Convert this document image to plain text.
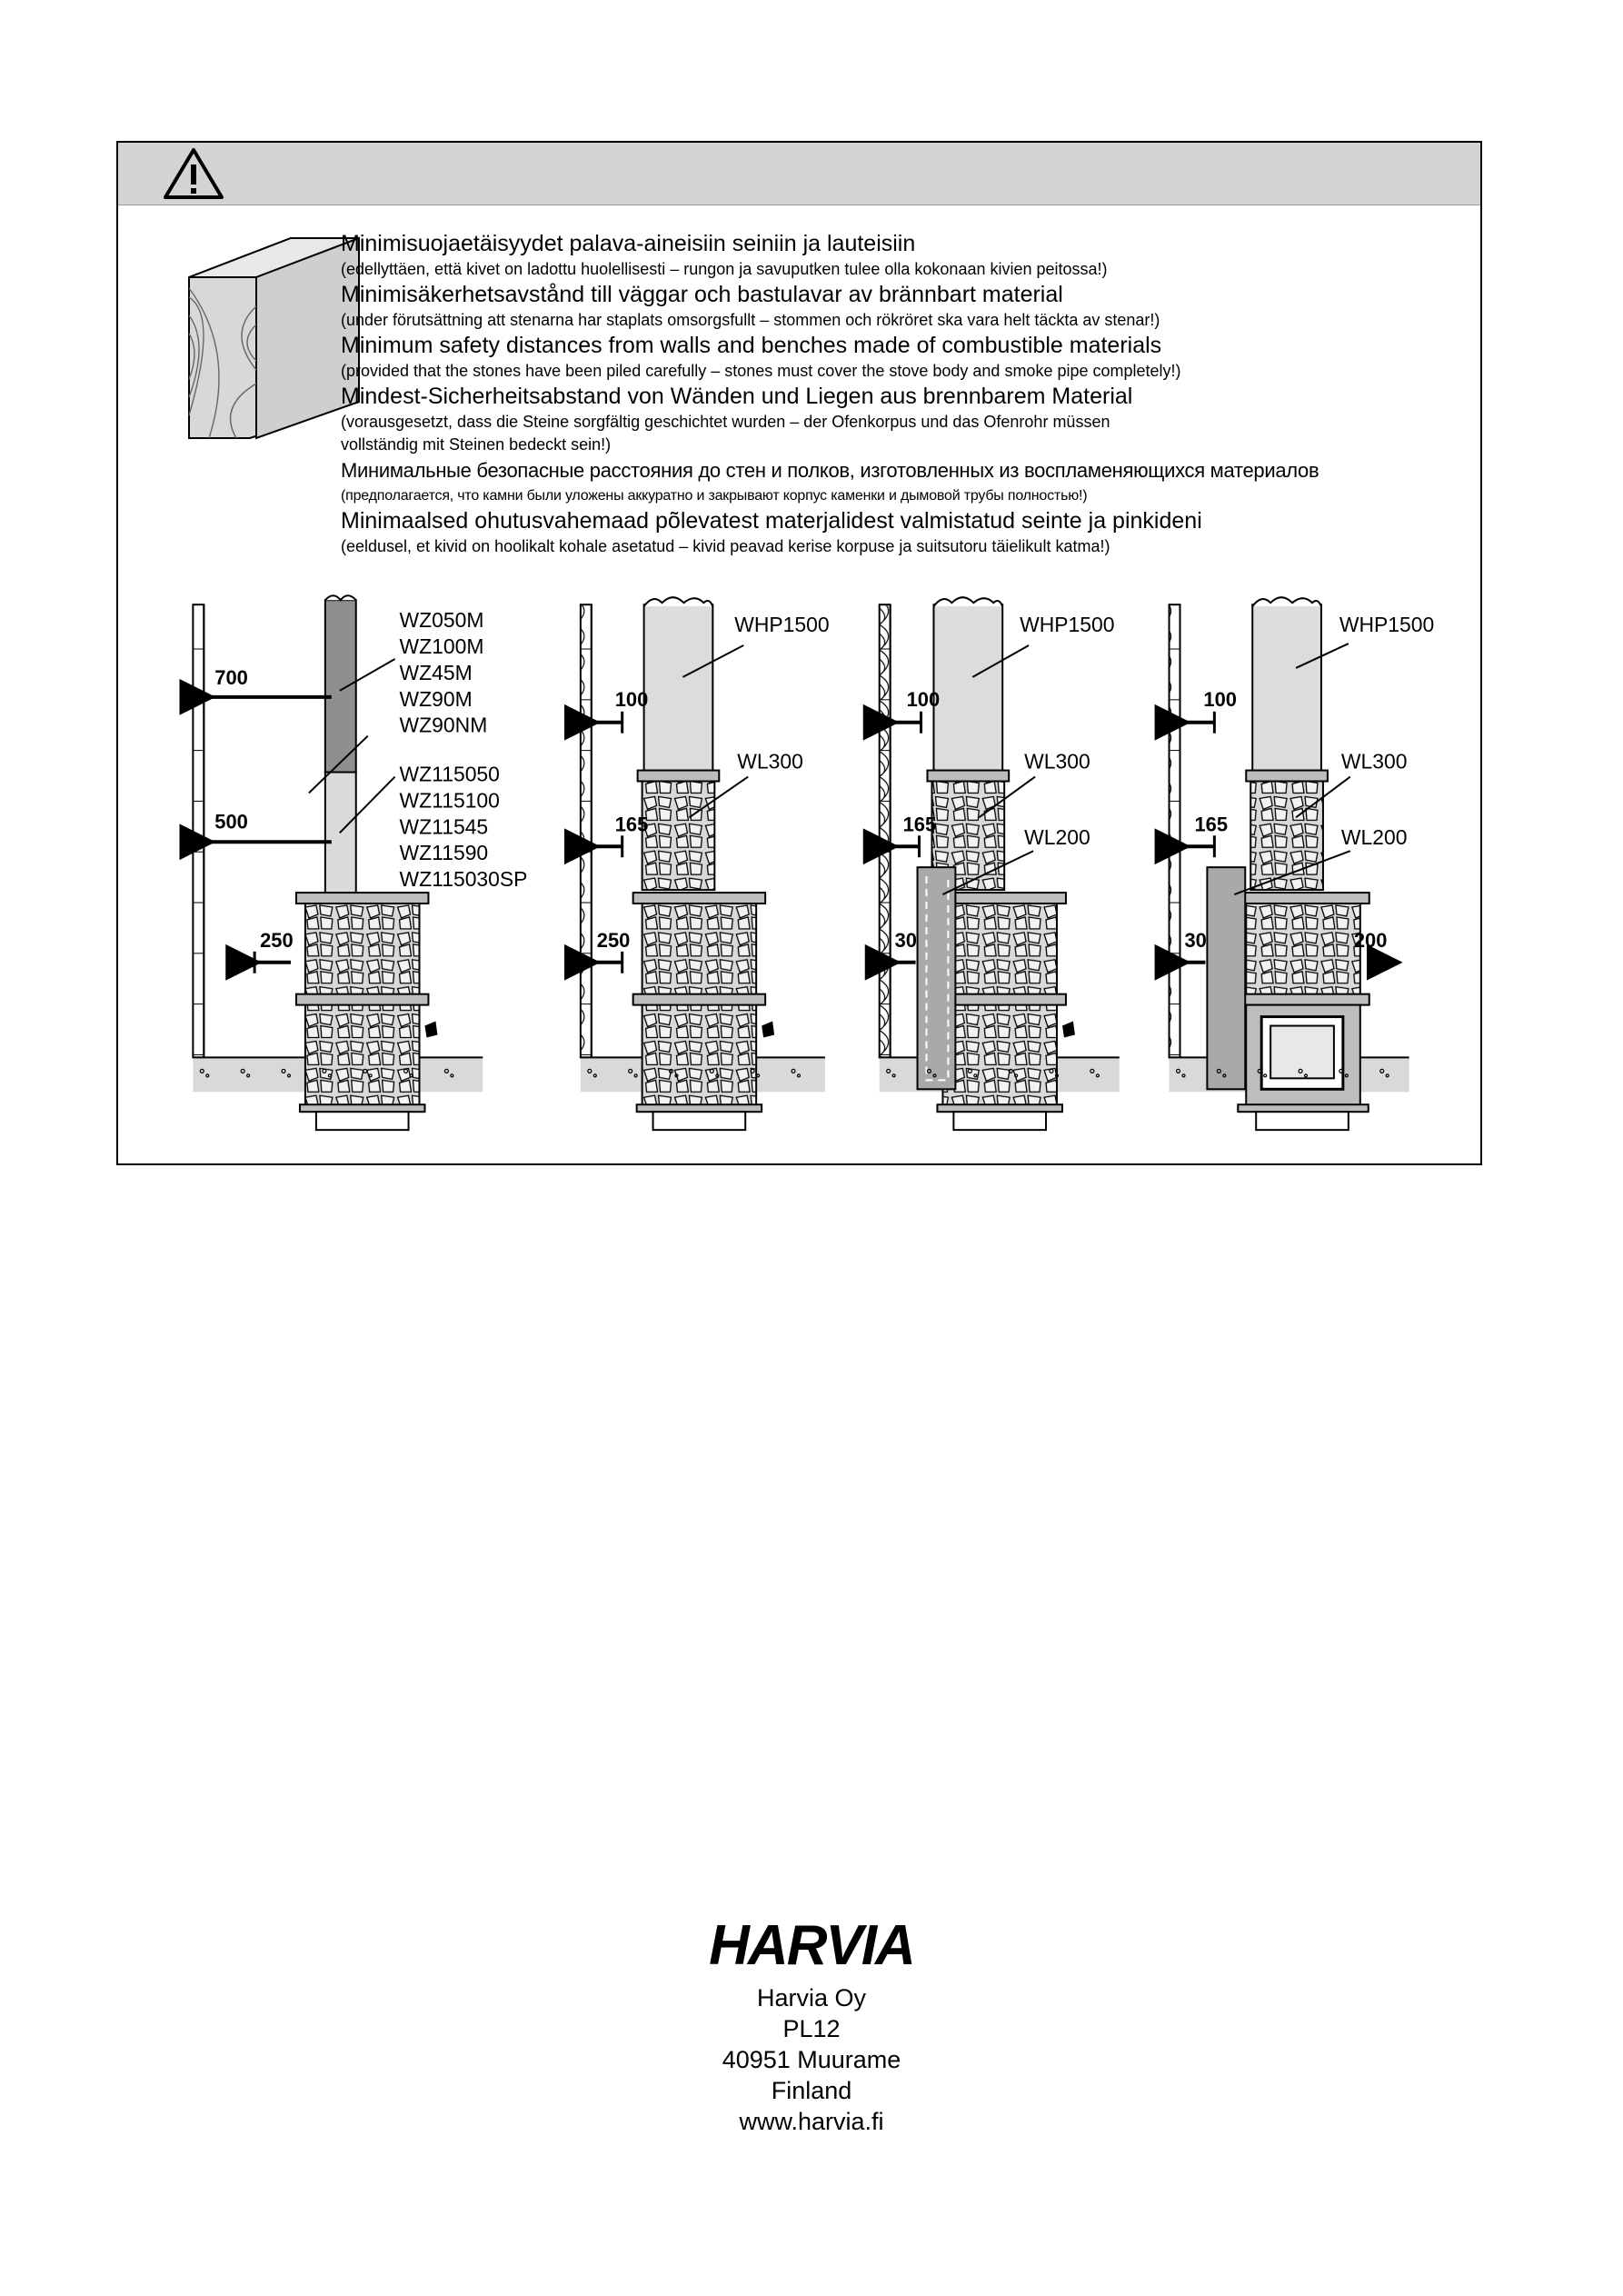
Minimisuojaetäisyydet palava-aineisiin seiniin ja lauteisiin
(edellyttäen, että kivet on ladottu huolellisesti – rungon ja savuputken tulee olla kokonaan kivien peitossa!)
Minimisäkerhetsavstånd till väggar och bastulavar av brännbart material
(under förutsättning att stenarna har staplats omsorgsfullt – stommen och rökröret ska vara helt täckta av stenar!)
Minimum safety distances from walls and benches made of combustible materials
(provided that the stones have been piled carefully – stones must cover the stove body and smoke pipe completely!)
Mindest-Sicherheitsabstand von Wänden und Liegen aus brennbarem Material
(vorausgesetzt, dass die Steine sorgfältig geschichtet wurden – der Ofenkorpus und das Ofenrohr müssen
vollständig mit Steinen bedeckt sein!)
Минимальные безопасные расстояния до стен и полков, изготовленных из воспламеняющихся материалов
(предполагается, что камни были уложены аккуратно и закрывают корпус каменки и дымовой трубы полностью!)
Minimaalsed ohutusvahemaad põlevatest materjalidest valmistatud seinte ja pinkideni
(eeldusel, et kivid on hoolikalt kohale asetatud – kivid peavad kerise korpuse ja suitsutoru täielikult katma!)
700
500
250
WZ050M
WZ100M
WZ45M
WZ90M
WZ90NM
WZ115050
WZ115100
WZ11545
WZ11590
WZ115030SP
100
165
250
WHP1500
WL300
100
165
30
WHP1500
WL300
WL200
100
165
30	200
WHP1500
WL300
WL200
HARVIA
Harvia Oy
PL12
40951 Muurame
Finland
www.harvia.fi
